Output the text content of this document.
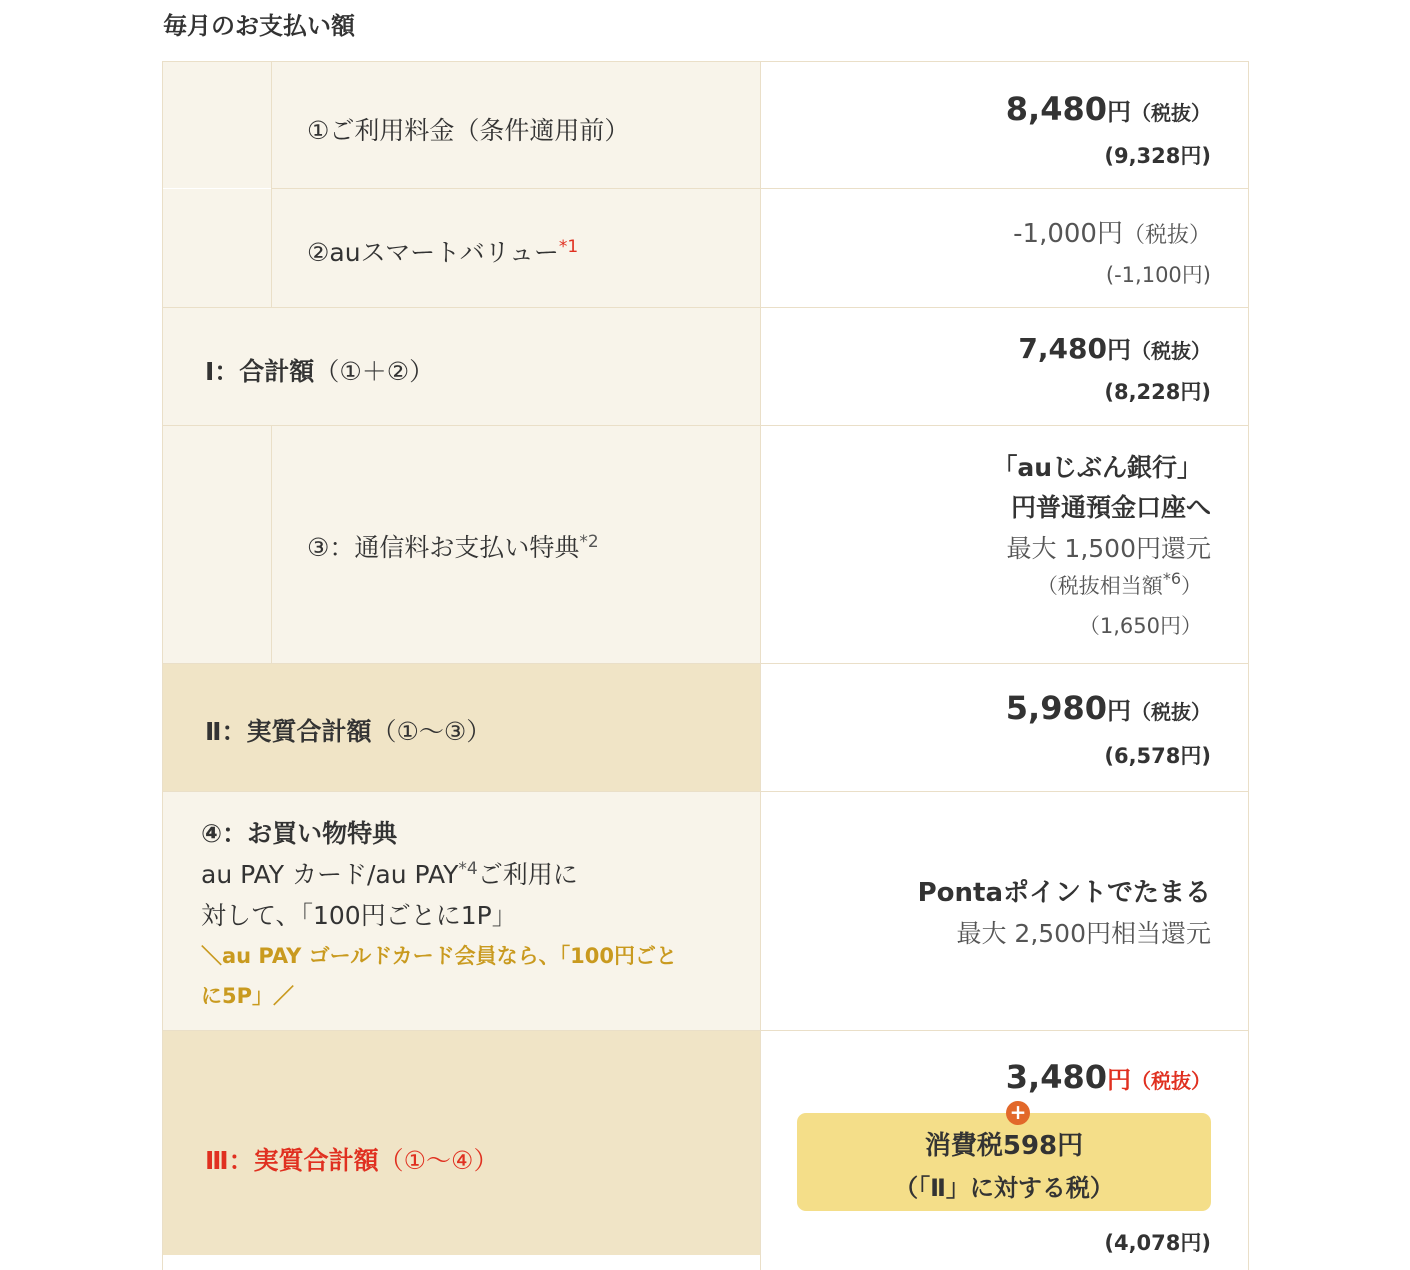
毎月のお支払い額
①ご利用料金（条件適用前）
8,480円（税抜）
(9,328円)
②auスマートバリュー$^{*1}$	-1,000円（税抜）
(-1,100円)
Ⅰ：合計額（①＋②）
7,480円（税抜）
(8,228円)
③：通信料お支払い特典$^{*2}$
「auじぶん銀行」
円普通預金口座へ
最大 1,500円還元
（税抜相当額$^{*6}$）
（1,650円）
Ⅱ：実質合計額（①〜③）
5,980円（税抜）
(6,578円)
④：お買い物特典
au PAY カード/au PAY$^{*4}$ご利用に
対して、「100円ごとに1P」
＼au PAY ゴールドカード会員なら、「100円ごと
に5P」／
Pontaポイントでたまる
最大 2,500円相当還元
Ⅲ：実質合計額（①〜④）
3,480円（税抜）
+
消費税598円
（「Ⅱ」に対する税）
(4,078円)
